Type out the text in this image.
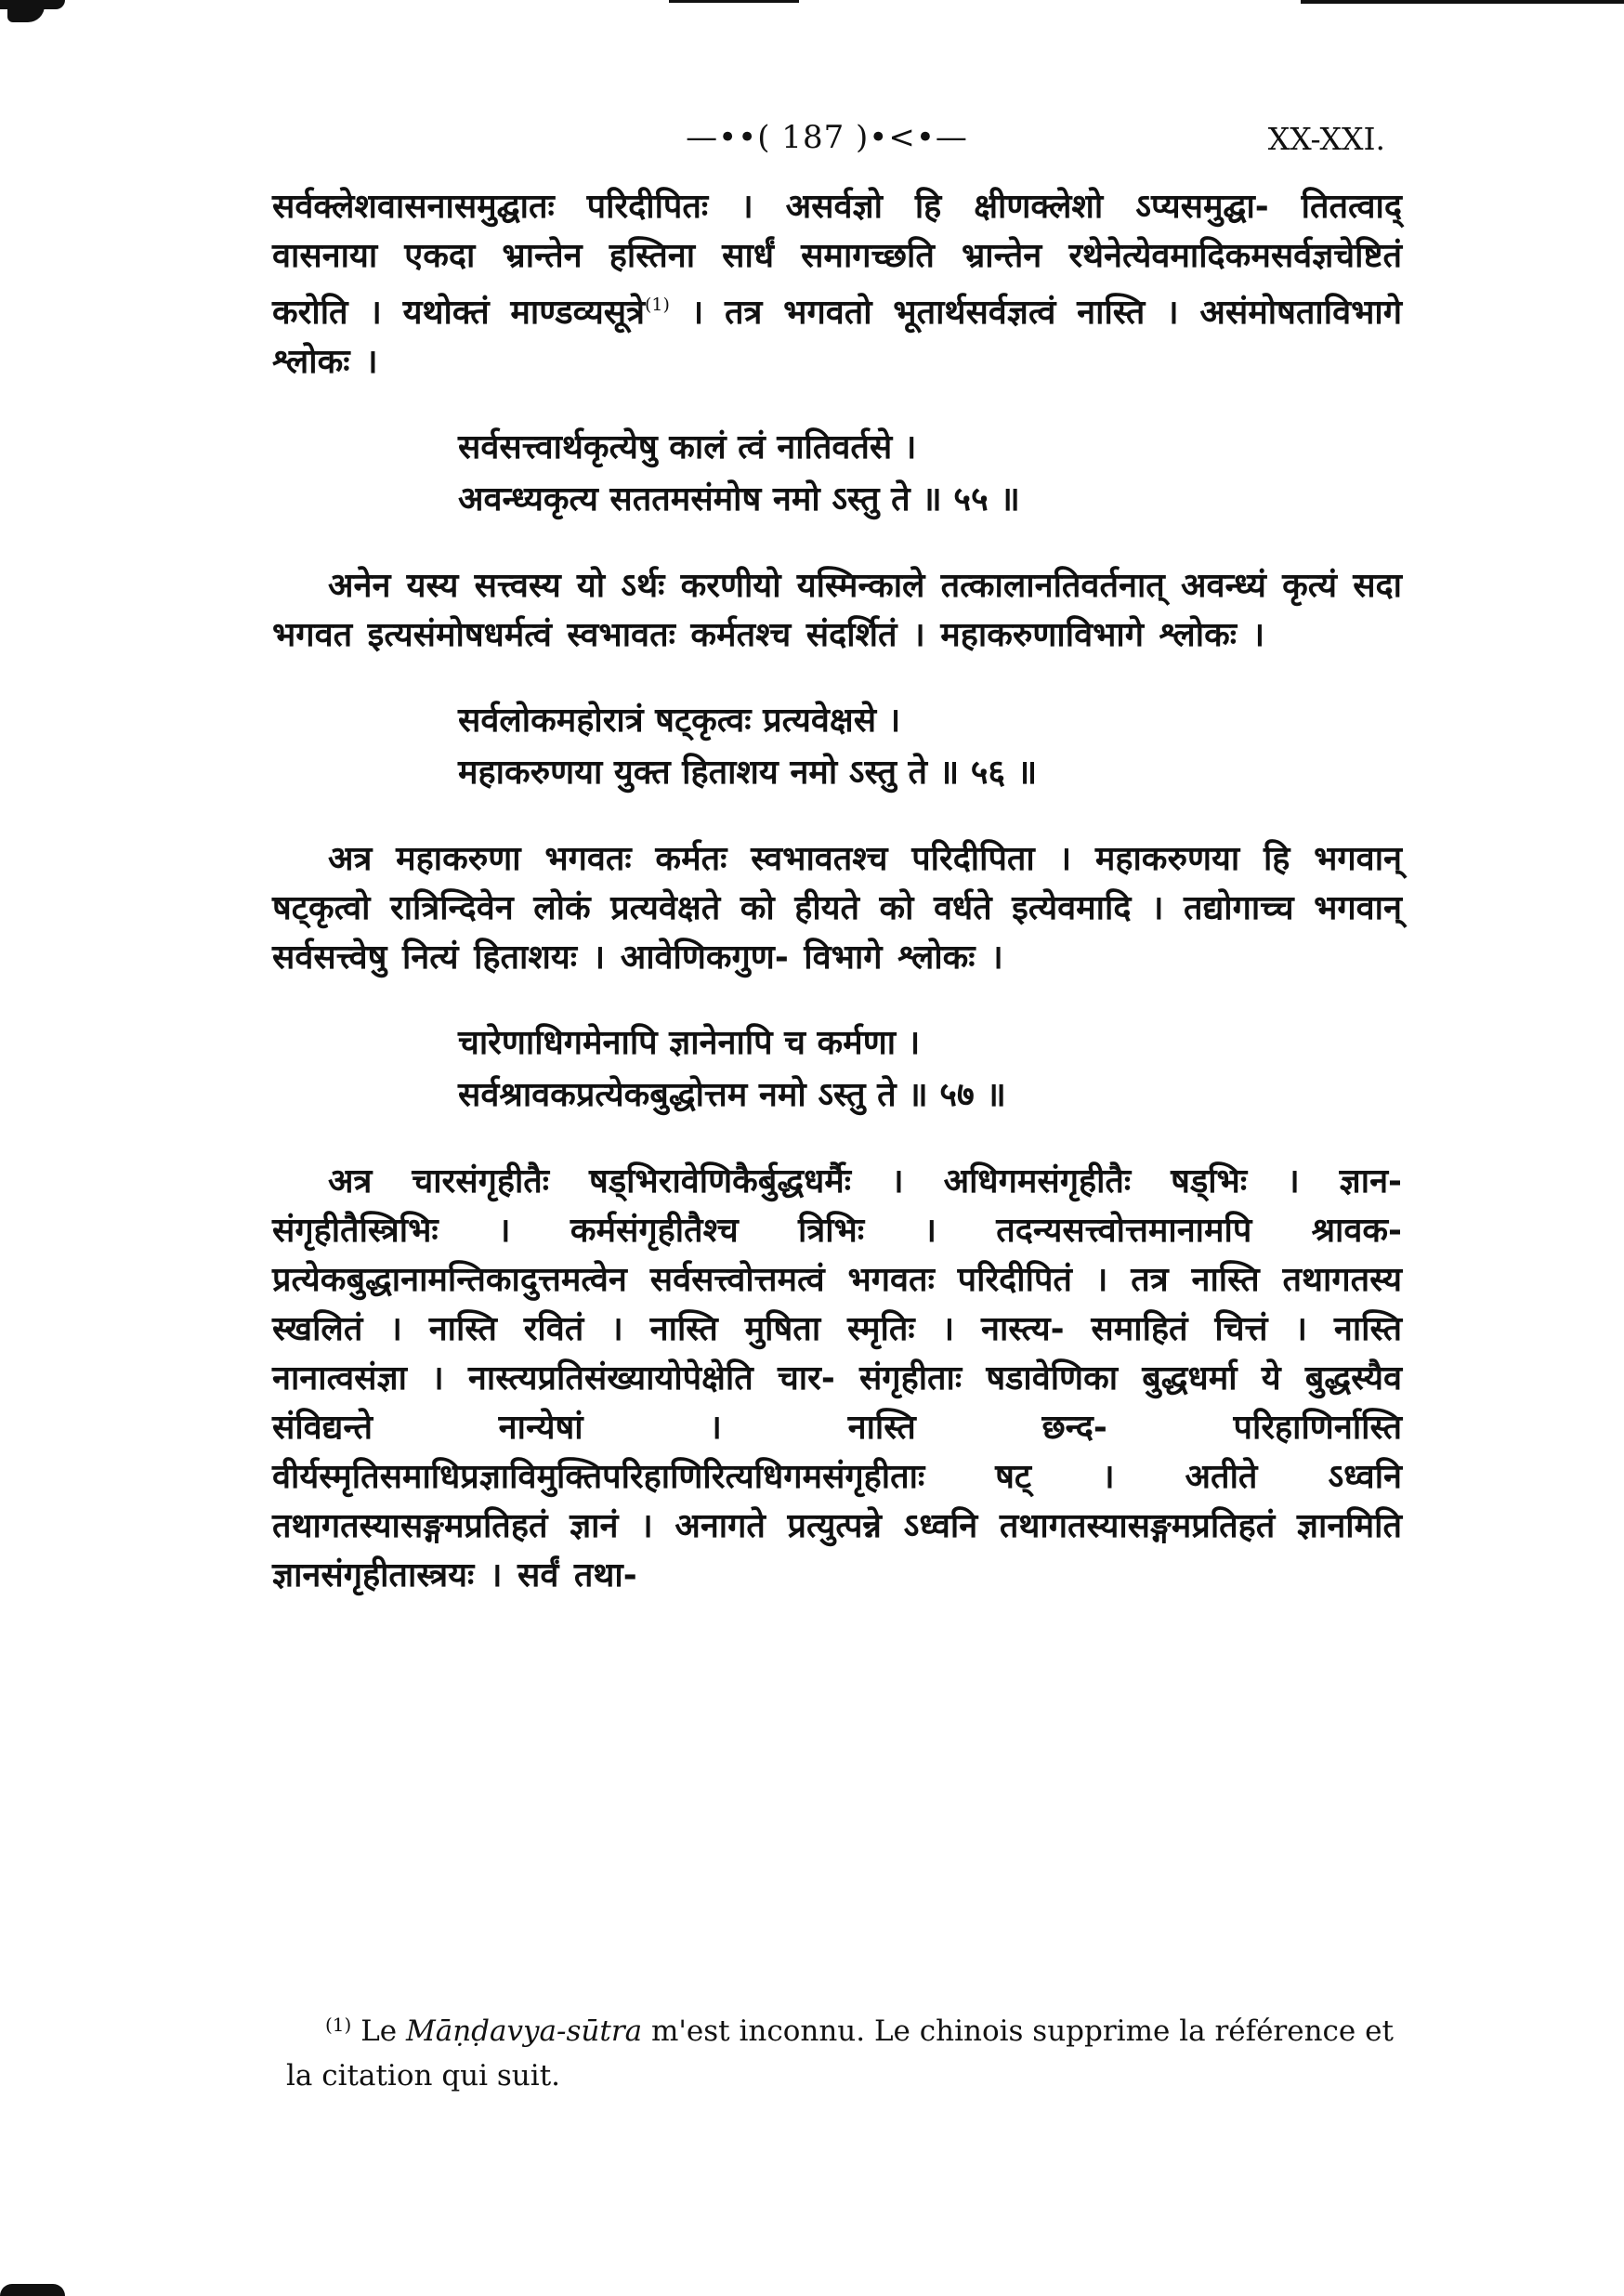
—••( 187 )•<•—	XX-XXI.

सर्वक्लेशवासनासमुद्घातः परिदीपितः । असर्वज्ञो हि क्षीणक्लेशो ऽप्यसमुद्घा- तितत्वाद् वासनाया एकदा भ्रान्तेन हस्तिना सार्धं समागच्छति भ्रान्तेन रथेनेत्येवमादिकमसर्वज्ञचेष्टितं करोति । यथोक्तं माण्डव्यसूत्रे$^{(1)}$ । तत्र भगवतो भूतार्थसर्वज्ञत्वं नास्ति । असंमोषताविभागे श्लोकः ।

सर्वसत्त्वार्थकृत्येषु कालं त्वं नातिवर्तसे ।
अवन्ध्यकृत्य सततमसंमोष नमो ऽस्तु ते ॥ ५५ ॥

अनेन यस्य सत्त्वस्य यो ऽर्थः करणीयो यस्मिन्काले तत्कालानतिवर्तनात् अवन्ध्यं कृत्यं सदा भगवत इत्यसंमोषधर्मत्वं स्वभावतः कर्मतश्च संदर्शितं । महाकरुणाविभागे श्लोकः ।

सर्वलोकमहोरात्रं षट्कृत्वः प्रत्यवेक्षसे ।
महाकरुणया युक्त हिताशय नमो ऽस्तु ते ॥ ५६ ॥

अत्र महाकरुणा भगवतः कर्मतः स्वभावतश्च परिदीपिता । महाकरुणया हि भगवान् षट्कृत्वो रात्रिन्दिवेन लोकं प्रत्यवेक्षते को हीयते को वर्धते इत्येवमादि । तद्योगाच्च भगवान् सर्वसत्त्वेषु नित्यं हिताशयः । आवेणिकगुण- विभागे श्लोकः ।

चारेणाधिगमेनापि ज्ञानेनापि च कर्मणा ।
सर्वश्रावकप्रत्येकबुद्धोत्तम नमो ऽस्तु ते ॥ ५७ ॥

अत्र चारसंगृहीतैः षड्भिरावेणिकैर्बुद्धधर्मैः । अधिगमसंगृहीतैः षड्भिः । ज्ञान- संगृहीतैस्त्रिभिः । कर्मसंगृहीतैश्च त्रिभिः । तदन्यसत्त्वोत्तमानामपि श्रावक- प्रत्येकबुद्धानामन्तिकादुत्तमत्वेन सर्वसत्त्वोत्तमत्वं भगवतः परिदीपितं । तत्र नास्ति तथागतस्य स्खलितं । नास्ति रवितं । नास्ति मुषिता स्मृतिः । नास्त्य- समाहितं चित्तं । नास्ति नानात्वसंज्ञा । नास्त्यप्रतिसंख्यायोपेक्षेति चार- संगृहीताः षडावेणिका बुद्धधर्मा ये बुद्धस्यैव संविद्यन्ते नान्येषां । नास्ति छन्द- परिहाणिर्नास्ति वीर्यस्मृतिसमाधिप्रज्ञाविमुक्तिपरिहाणिरित्यधिगमसंगृहीताः षट् । अतीते ऽध्वनि तथागतस्यासङ्गमप्रतिहतं ज्ञानं । अनागते प्रत्युत्पन्ने ऽध्वनि तथागतस्यासङ्गमप्रतिहतं ज्ञानमिति ज्ञानसंगृहीतास्त्रयः । सर्वं तथा-

$^{(1)}$ Le Māṇḍavya-sūtra m'est inconnu. Le chinois supprime la référence et la citation qui suit.
